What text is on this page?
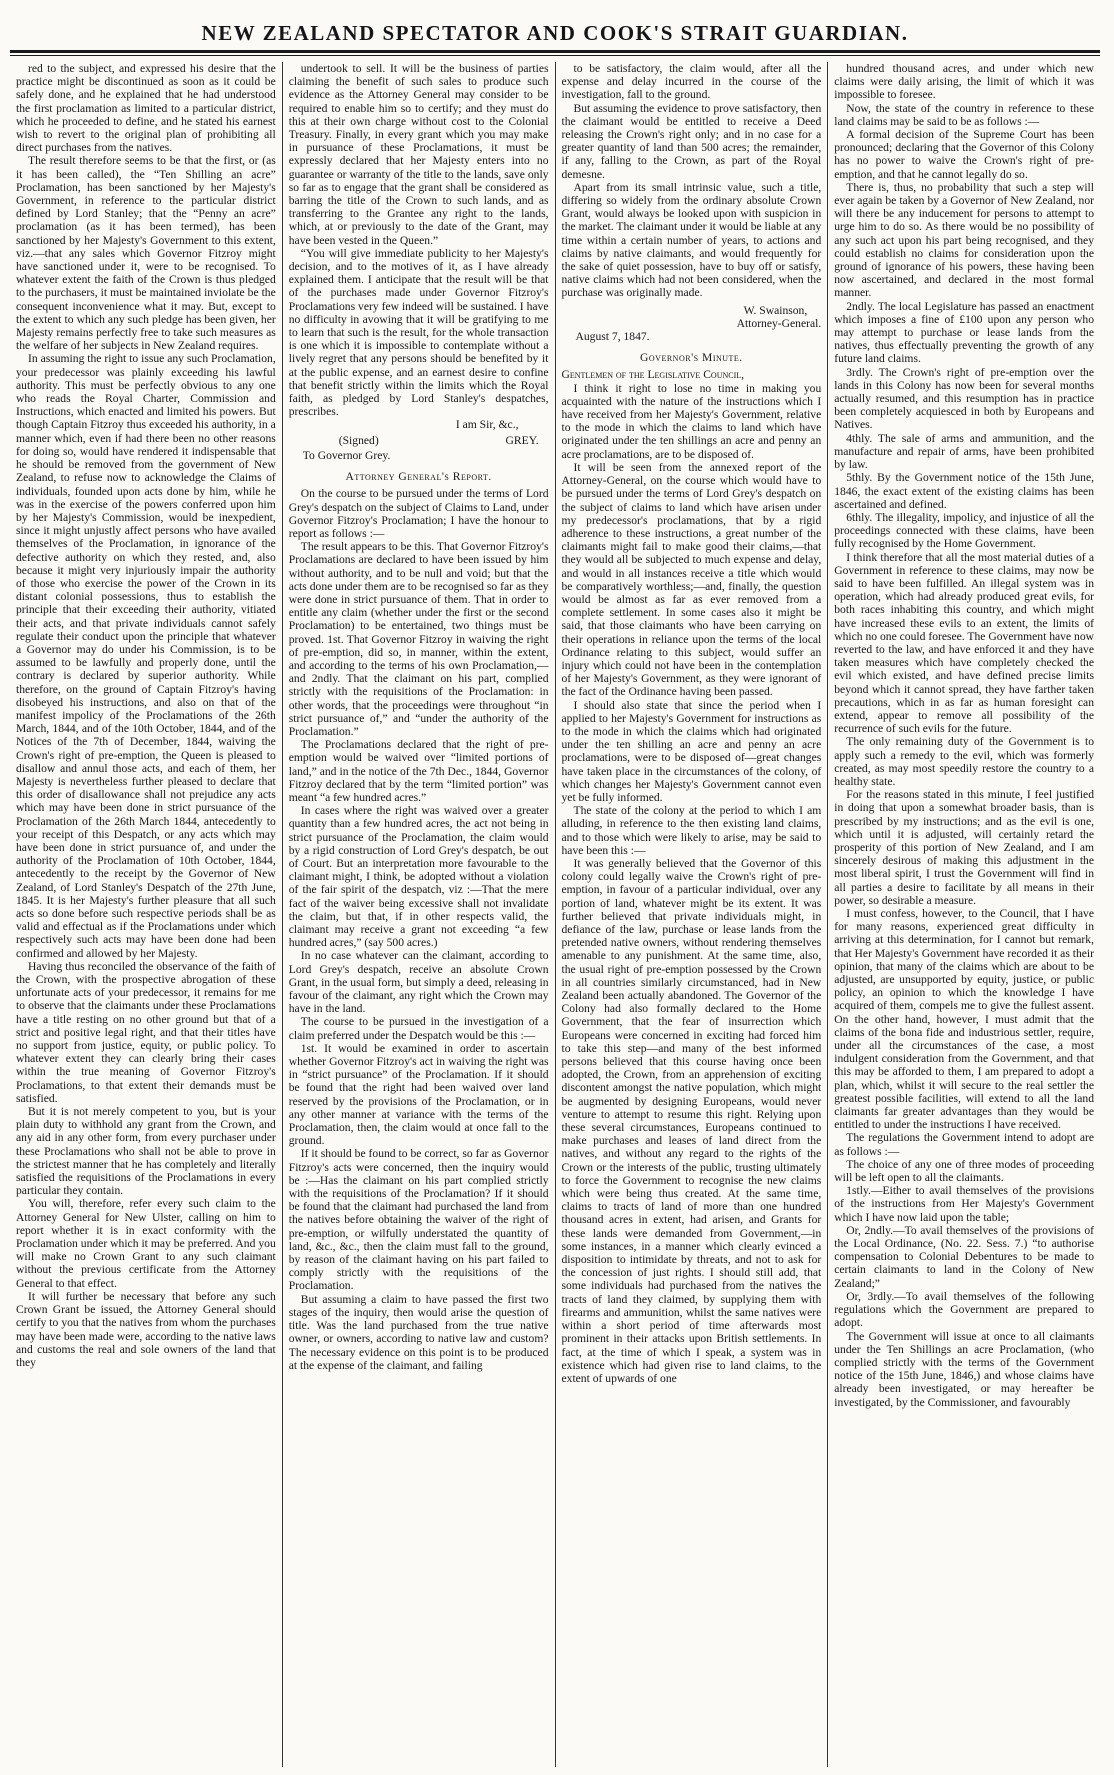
NEW ZEALAND SPECTATOR AND COOK'S STRAIT GUARDIAN.

red to the subject, and expressed his desire that the practice might be discontinued as soon as it could be safely done, and he explained that he had understood the first proclamation as limited to a particular district, which he proceeded to define, and he stated his earnest wish to revert to the original plan of prohibiting all direct purchases from the natives.

The result therefore seems to be that the first, or (as it has been called), the “Ten Shilling an acre” Proclamation, has been sanctioned by her Majesty's Government, in reference to the particular district defined by Lord Stanley; that the “Penny an acre” proclamation (as it has been termed), has been sanctioned by her Majesty's Government to this extent, viz.—that any sales which Governor Fitzroy might have sanctioned under it, were to be recognised. To whatever extent the faith of the Crown is thus pledged to the purchasers, it must be maintained inviolate be the consequent inconvenience what it may. But, except to the extent to which any such pledge has been given, her Majesty remains perfectly free to take such measures as the welfare of her subjects in New Zealand requires.

In assuming the right to issue any such Proclamation, your predecessor was plainly exceeding his lawful authority. This must be perfectly obvious to any one who reads the Royal Charter, Commission and Instructions, which enacted and limited his powers. But though Captain Fitzroy thus exceeded his authority, in a manner which, even if had there been no other reasons for doing so, would have rendered it indispensable that he should be removed from the government of New Zealand, to refuse now to acknowledge the Claims of individuals, founded upon acts done by him, while he was in the exercise of the powers conferred upon him by her Majesty's Commission, would be inexpedient, since it might unjustly affect persons who have availed themselves of the Proclamation, in ignorance of the defective authority on which they rested, and, also because it might very injuriously impair the authority of those who exercise the power of the Crown in its distant colonial possessions, thus to establish the principle that their exceeding their authority, vitiated their acts, and that private individuals cannot safely regulate their conduct upon the principle that whatever a Governor may do under his Commission, is to be assumed to be lawfully and properly done, until the contrary is declared by superior authority. While therefore, on the ground of Captain Fitzroy's having disobeyed his instructions, and also on that of the manifest impolicy of the Proclamations of the 26th March, 1844, and of the 10th October, 1844, and of the Notices of the 7th of December, 1844, waiving the Crown's right of pre-emption, the Queen is pleased to disallow and annul those acts, and each of them, her Majesty is nevertheless further pleased to declare that this order of disallowance shall not prejudice any acts which may have been done in strict pursuance of the Proclamation of the 26th March 1844, antecedently to your receipt of this Despatch, or any acts which may have been done in strict pursuance of, and under the authority of the Proclamation of 10th October, 1844, antecedently to the receipt by the Governor of New Zealand, of Lord Stanley's Despatch of the 27th June, 1845. It is her Majesty's further pleasure that all such acts so done before such respective periods shall be as valid and effectual as if the Proclamations under which respectively such acts may have been done had been confirmed and allowed by her Majesty.

Having thus reconciled the observance of the faith of the Crown, with the prospective abrogation of these unfortunate acts of your predecessor, it remains for me to observe that the claimants under these Proclamations have a title resting on no other ground but that of a strict and positive legal right, and that their titles have no support from justice, equity, or public policy. To whatever extent they can clearly bring their cases within the true meaning of Governor Fitzroy's Proclamations, to that extent their demands must be satisfied.

But it is not merely competent to you, but is your plain duty to withhold any grant from the Crown, and any aid in any other form, from every purchaser under these Proclamations who shall not be able to prove in the strictest manner that he has completely and literally satisfied the requisitions of the Proclamations in every particular they contain.

You will, therefore, refer every such claim to the Attorney General for New Ulster, calling on him to report whether it is in exact conformity with the Proclamation under which it may be preferred. And you will make no Crown Grant to any such claimant without the previous certificate from the Attorney General to that effect.

It will further be necessary that before any such Crown Grant be issued, the Attorney General should certify to you that the natives from whom the purchases may have been made were, according to the native laws and customs the real and sole owners of the land that they

undertook to sell. It will be the business of parties claiming the benefit of such sales to produce such evidence as the Attorney General may consider to be required to enable him so to certify; and they must do this at their own charge without cost to the Colonial Treasury. Finally, in every grant which you may make in pursuance of these Proclamations, it must be expressly declared that her Majesty enters into no guarantee or warranty of the title to the lands, save only so far as to engage that the grant shall be considered as barring the title of the Crown to such lands, and as transferring to the Grantee any right to the lands, which, at or previously to the date of the Grant, may have been vested in the Queen.”

“You will give immediate publicity to her Majesty's decision, and to the motives of it, as I have already explained them. I anticipate that the result will be that of the purchases made under Governor Fitzroy's Proclamations very few indeed will be sustained. I have no difficulty in avowing that it will be gratifying to me to learn that such is the result, for the whole transaction is one which it is impossible to contemplate without a lively regret that any persons should be benefited by it at the public expense, and an earnest desire to confine that benefit strictly within the limits which the Royal faith, as pledged by Lord Stanley's despatches, prescribes.

I am Sir, &c.,

(Signed)	GREY.

To Governor Grey.

Attorney General's Report.

On the course to be pursued under the terms of Lord Grey's despatch on the subject of Claims to Land, under Governor Fitzroy's Proclamation; I have the honour to report as follows :—

The result appears to be this. That Governor Fitzroy's Proclamations are declared to have been issued by him without authority, and to be null and void; but that the acts done under them are to be recognised so far as they were done in strict pursuance of them. That in order to entitle any claim (whether under the first or the second Proclamation) to be entertained, two things must be proved. 1st. That Governor Fitzroy in waiving the right of pre-emption, did so, in manner, within the extent, and according to the terms of his own Proclamation,—and 2ndly. That the claimant on his part, complied strictly with the requisitions of the Proclamation: in other words, that the proceedings were throughout “in strict pursuance of,” and “under the authority of the Proclamation.”

The Proclamations declared that the right of pre-emption would be waived over “limited portions of land,” and in the notice of the 7th Dec., 1844, Governor Fitzroy declared that by the term “limited portion” was meant “a few hundred acres.”

In cases where the right was waived over a greater quantity than a few hundred acres, the act not being in strict pursuance of the Proclamation, the claim would by a rigid construction of Lord Grey's despatch, be out of Court. But an interpretation more favourable to the claimant might, I think, be adopted without a violation of the fair spirit of the despatch, viz :—That the mere fact of the waiver being excessive shall not invalidate the claim, but that, if in other respects valid, the claimant may receive a grant not exceeding “a few hundred acres,” (say 500 acres.)

In no case whatever can the claimant, according to Lord Grey's despatch, receive an absolute Crown Grant, in the usual form, but simply a deed, releasing in favour of the claimant, any right which the Crown may have in the land.

The course to be pursued in the investigation of a claim preferred under the Despatch would be this :—

1st. It would be examined in order to ascertain whether Governor Fitzroy's act in waiving the right was in “strict pursuance” of the Proclamation. If it should be found that the right had been waived over land reserved by the provisions of the Proclamation, or in any other manner at variance with the terms of the Proclamation, then, the claim would at once fall to the ground.

If it should be found to be correct, so far as Governor Fitzroy's acts were concerned, then the inquiry would be :—Has the claimant on his part complied strictly with the requisitions of the Proclamation? If it should be found that the claimant had purchased the land from the natives before obtaining the waiver of the right of pre-emption, or wilfully understated the quantity of land, &c., &c., then the claim must fall to the ground, by reason of the claimant having on his part failed to comply strictly with the requisitions of the Proclamation.

But assuming a claim to have passed the first two stages of the inquiry, then would arise the question of title. Was the land purchased from the true native owner, or owners, according to native law and custom? The necessary evidence on this point is to be produced at the expense of the claimant, and failing

to be satisfactory, the claim would, after all the expense and delay incurred in the course of the investigation, fall to the ground.

But assuming the evidence to prove satisfactory, then the claimant would be entitled to receive a Deed releasing the Crown's right only; and in no case for a greater quantity of land than 500 acres; the remainder, if any, falling to the Crown, as part of the Royal demesne.

Apart from its small intrinsic value, such a title, differing so widely from the ordinary absolute Crown Grant, would always be looked upon with suspicion in the market. The claimant under it would be liable at any time within a certain number of years, to actions and claims by native claimants, and would frequently for the sake of quiet possession, have to buy off or satisfy, native claims which had not been considered, when the purchase was originally made.

W. Swainson,

Attorney-General.

August 7, 1847.

Governor's Minute.

Gentlemen of the Legislative Council,

I think it right to lose no time in making you acquainted with the nature of the instructions which I have received from her Majesty's Government, relative to the mode in which the claims to land which have originated under the ten shillings an acre and penny an acre proclamations, are to be disposed of.

It will be seen from the annexed report of the Attorney-General, on the course which would have to be pursued under the terms of Lord Grey's despatch on the subject of claims to land which have arisen under my predecessor's proclamations, that by a rigid adherence to these instructions, a great number of the claimants might fail to make good their claims,—that they would all be subjected to much expense and delay, and would in all instances receive a title which would be comparatively worthless;—and, finally, the question would be almost as far as ever removed from a complete settlement. In some cases also it might be said, that those claimants who have been carrying on their operations in reliance upon the terms of the local Ordinance relating to this subject, would suffer an injury which could not have been in the contemplation of her Majesty's Government, as they were ignorant of the fact of the Ordinance having been passed.

I should also state that since the period when I applied to her Majesty's Government for instructions as to the mode in which the claims which had originated under the ten shilling an acre and penny an acre proclamations, were to be disposed of—great changes have taken place in the circumstances of the colony, of which changes her Majesty's Government cannot even yet be fully informed.

The state of the colony at the period to which I am alluding, in reference to the then existing land claims, and to those which were likely to arise, may be said to have been this :—

It was generally believed that the Governor of this colony could legally waive the Crown's right of pre-emption, in favour of a particular individual, over any portion of land, whatever might be its extent. It was further believed that private individuals might, in defiance of the law, purchase or lease lands from the pretended native owners, without rendering themselves amenable to any punishment. At the same time, also, the usual right of pre-emption possessed by the Crown in all countries similarly circumstanced, had in New Zealand been actually abandoned. The Governor of the Colony had also formally declared to the Home Government, that the fear of insurrection which Europeans were concerned in exciting had forced him to take this step—and many of the best informed persons believed that this course having once been adopted, the Crown, from an apprehension of exciting discontent amongst the native population, which might be augmented by designing Europeans, would never venture to attempt to resume this right. Relying upon these several circumstances, Europeans continued to make purchases and leases of land direct from the natives, and without any regard to the rights of the Crown or the interests of the public, trusting ultimately to force the Government to recognise the new claims which were being thus created. At the same time, claims to tracts of land of more than one hundred thousand acres in extent, had arisen, and Grants for these lands were demanded from Government,—in some instances, in a manner which clearly evinced a disposition to intimidate by threats, and not to ask for the concession of just rights. I should still add, that some individuals had purchased from the natives the tracts of land they claimed, by supplying them with firearms and ammunition, whilst the same natives were within a short period of time afterwards most prominent in their attacks upon British settlements. In fact, at the time of which I speak, a system was in existence which had given rise to land claims, to the extent of upwards of one

hundred thousand acres, and under which new claims were daily arising, the limit of which it was impossible to foresee.

Now, the state of the country in reference to these land claims may be said to be as follows :—

A formal decision of the Supreme Court has been pronounced; declaring that the Governor of this Colony has no power to waive the Crown's right of pre-emption, and that he cannot legally do so.

There is, thus, no probability that such a step will ever again be taken by a Governor of New Zealand, nor will there be any inducement for persons to attempt to urge him to do so. As there would be no possibility of any such act upon his part being recognised, and they could establish no claims for consideration upon the ground of ignorance of his powers, these having been now ascertained, and declared in the most formal manner.

2ndly. The local Legislature has passed an enactment which imposes a fine of £100 upon any person who may attempt to purchase or lease lands from the natives, thus effectually preventing the growth of any future land claims.

3rdly. The Crown's right of pre-emption over the lands in this Colony has now been for several months actually resumed, and this resumption has in practice been completely acquiesced in both by Europeans and Natives.

4thly. The sale of arms and ammunition, and the manufacture and repair of arms, have been prohibited by law.

5thly. By the Government notice of the 15th June, 1846, the exact extent of the existing claims has been ascertained and defined.

6thly. The illegality, impolicy, and injustice of all the proceedings connected with these claims, have been fully recognised by the Home Government.

I think therefore that all the most material duties of a Government in reference to these claims, may now be said to have been fulfilled. An illegal system was in operation, which had already produced great evils, for both races inhabiting this country, and which might have increased these evils to an extent, the limits of which no one could foresee. The Government have now reverted to the law, and have enforced it and they have taken measures which have completely checked the evil which existed, and have defined precise limits beyond which it cannot spread, they have farther taken precautions, which in as far as human foresight can extend, appear to remove all possibility of the recurrence of such evils for the future.

The only remaining duty of the Government is to apply such a remedy to the evil, which was formerly created, as may most speedily restore the country to a healthy state.

For the reasons stated in this minute, I feel justified in doing that upon a somewhat broader basis, than is prescribed by my instructions; and as the evil is one, which until it is adjusted, will certainly retard the prosperity of this portion of New Zealand, and I am sincerely desirous of making this adjustment in the most liberal spirit, I trust the Government will find in all parties a desire to facilitate by all means in their power, so desirable a measure.

I must confess, however, to the Council, that I have for many reasons, experienced great difficulty in arriving at this determination, for I cannot but remark, that Her Majesty's Government have recorded it as their opinion, that many of the claims which are about to be adjusted, are unsupported by equity, justice, or public policy, an opinion to which the knowledge I have acquired of them, compels me to give the fullest assent. On the other hand, however, I must admit that the claims of the bona fide and industrious settler, require, under all the circumstances of the case, a most indulgent consideration from the Government, and that this may be afforded to them, I am prepared to adopt a plan, which, whilst it will secure to the real settler the greatest possible facilities, will extend to all the land claimants far greater advantages than they would be entitled to under the instructions I have received.

The regulations the Government intend to adopt are as follows :—

The choice of any one of three modes of proceeding will be left open to all the claimants.

1stly.—Either to avail themselves of the provisions of the instructions from Her Majesty's Government which I have now laid upon the table;

Or, 2ndly.—To avail themselves of the provisions of the Local Ordinance, (No. 22. Sess. 7.) “to authorise compensation to Colonial Debentures to be made to certain claimants to land in the Colony of New Zealand;”

Or, 3rdly.—To avail themselves of the following regulations which the Government are prepared to adopt.

The Government will issue at once to all claimants under the Ten Shillings an acre Proclamation, (who complied strictly with the terms of the Government notice of the 15th June, 1846,) and whose claims have already been investigated, or may hereafter be investigated, by the Commissioner, and favourably
